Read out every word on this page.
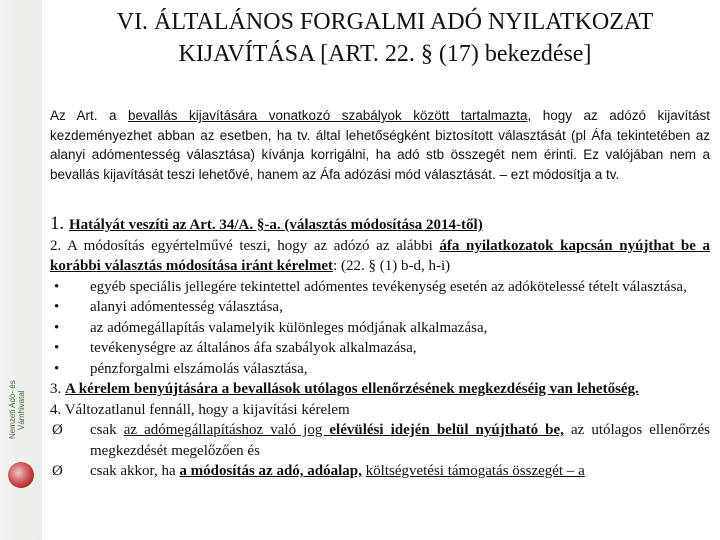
Nemzeti Adó- és Vámhivatal
VI. ÁLTALÁNOS FORGALMI ADÓ NYILATKOZAT KIJAVÍTÁSA [ART. 22. § (17) bekezdése]
Az Art. a bevallás kijavítására vonatkozó szabályok között tartalmazta, hogy az adózó kijavítást kezdeményezhet abban az esetben, ha tv. által lehetőségként biztosított választását (pl Áfa tekintetében az alanyi adómentesség választása) kívánja korrigálni, ha adó stb összegét nem érinti. Ez valójában nem a bevallás kijavítását teszi lehetővé, hanem az Áfa adózási mód választását. – ezt módosítja a tv.

1. Hatályát veszíti az Art. 34/A. §-a. (választás módosítása 2014-től)

2. A módosítás egyértelművé teszi, hogy az adózó az alábbi áfa nyilatkozatok kapcsán nyújthat be a korábbi választás módosítása iránt kérelmet: (22. § (1) b-d, h-i)

• egyéb speciális jellegére tekintettel adómentes tevékenység esetén az adókötelessé tételt választása,
• alanyi adómentesség választása,
• az adómegállapítás valamelyik különleges módjának alkalmazása,
• tevékenységre az általános áfa szabályok alkalmazása,
• pénzforgalmi elszámolás választása,

3. A kérelem benyújtására a bevallások utólagos ellenőrzésének megkezdéséig van lehetőség.

4. Változatlanul fennáll, hogy a kijavítási kérelem

Ø csak az adómegállapításhoz való jog elévülési idején belül nyújtható be, az utólagos ellenőrzés megkezdését megelőzően és
Ø csak akkor, ha a módosítás az adó, adóalap, költségvetési támogatás összegét – a
